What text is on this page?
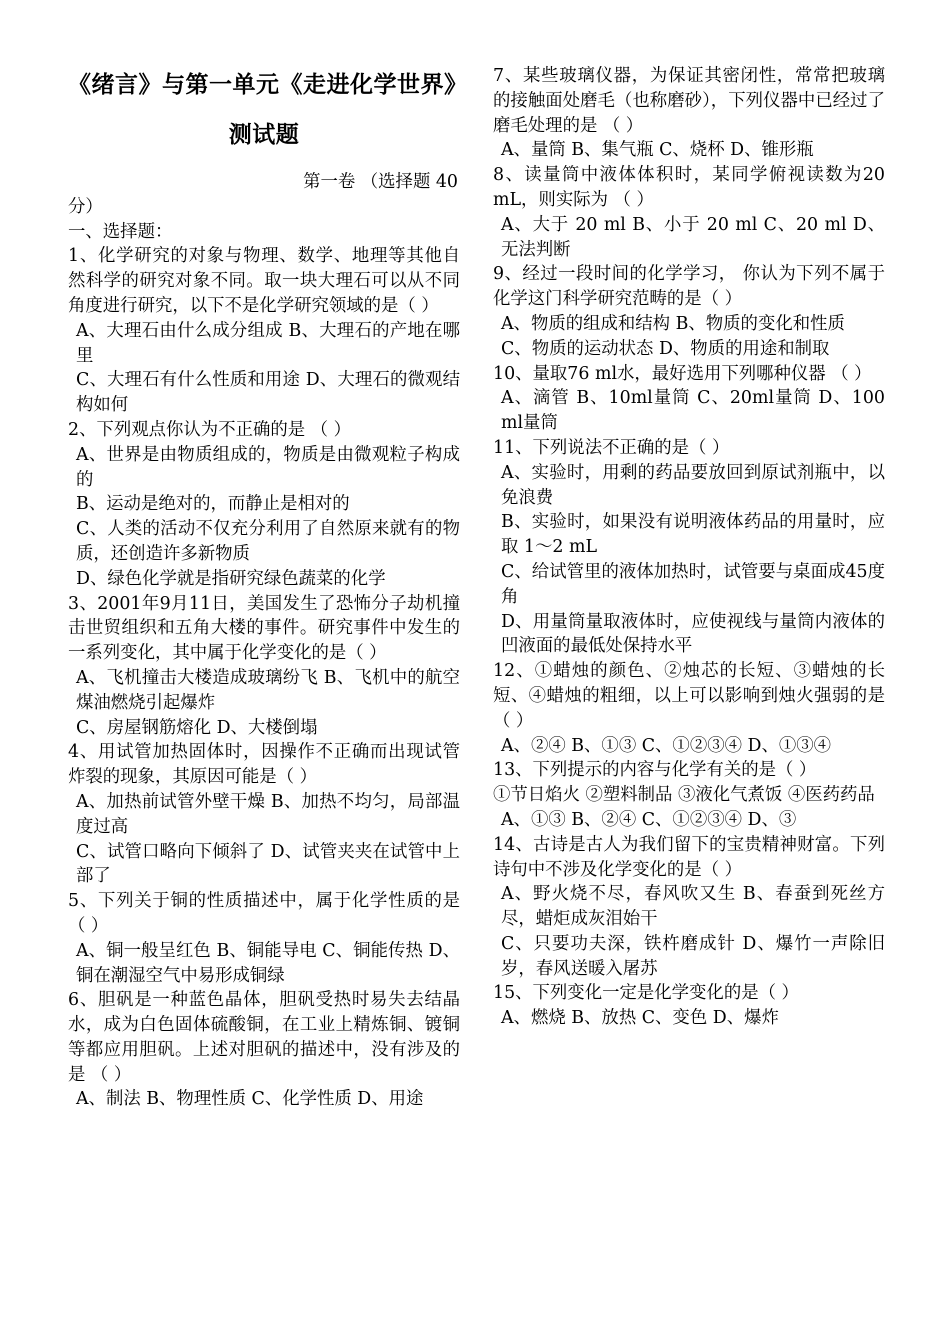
《绪言》与第一单元《走进化学世界》
测试题
第一卷 （选择题 40
分）
一、选择题：
1、化学研究的对象与物理、数学、地理等其他自然科学的研究对象不同。取一块大理石可以从不同角度进行研究，以下不是化学研究领域的是（ ）
A、大理石由什么成分组成 B、大理石的产地在哪里
C、大理石有什么性质和用途 D、大理石的微观结构如何
2、下列观点你认为不正确的是 （ ）
A、世界是由物质组成的，物质是由微观粒子构成的
B、运动是绝对的，而静止是相对的
C、人类的活动不仅充分利用了自然原来就有的物质，还创造许多新物质
D、绿色化学就是指研究绿色蔬菜的化学
3、2001年9月11日，美国发生了恐怖分子劫机撞击世贸组织和五角大楼的事件。研究事件中发生的一系列变化，其中属于化学变化的是（ ）
A、飞机撞击大楼造成玻璃纷飞 B、飞机中的航空煤油燃烧引起爆炸
C、房屋钢筋熔化 D、大楼倒塌
4、用试管加热固体时，因操作不正确而出现试管炸裂的现象，其原因可能是（ ）
A、加热前试管外壁干燥 B、加热不均匀，局部温度过高
C、试管口略向下倾斜了 D、试管夹夹在试管中上部了
5、下列关于铜的性质描述中，属于化学性质的是（ ）
A、铜一般呈红色 B、铜能导电 C、铜能传热 D、铜在潮湿空气中易形成铜绿
6、胆矾是一种蓝色晶体，胆矾受热时易失去结晶水，成为白色固体硫酸铜，在工业上精炼铜、镀铜等都应用胆矾。上述对胆矾的描述中，没有涉及的是 （ ）
A、制法 B、物理性质 C、化学性质 D、用途
7、某些玻璃仪器，为保证其密闭性，常常把玻璃的接触面处磨毛（也称磨砂），下列仪器中已经过了磨毛处理的是 （ ）
A、量筒 B、集气瓶 C、烧杯 D、锥形瓶
8、读量筒中液体体积时，某同学俯视读数为20 mL，则实际为 （ ）
A、大于 20 ml B、小于 20 ml C、20 ml D、无法判断
9、经过一段时间的化学学习， 你认为下列不属于化学这门科学研究范畴的是（ ）
A、物质的组成和结构 B、物质的变化和性质
C、物质的运动状态 D、物质的用途和制取
10、量取76 ml水，最好选用下列哪种仪器 （ ）
A、滴管 B、10ml量筒 C、20ml量筒 D、100 ml量筒
11、下列说法不正确的是（ ）
A、实验时，用剩的药品要放回到原试剂瓶中，以免浪费
B、实验时，如果没有说明液体药品的用量时，应取 1～2 mL
C、给试管里的液体加热时，试管要与桌面成45度角
D、用量筒量取液体时，应使视线与量筒内液体的凹液面的最低处保持水平
12、①蜡烛的颜色、②烛芯的长短、③蜡烛的长短、④蜡烛的粗细，以上可以影响到烛火强弱的是（ ）
A、②④ B、①③ C、①②③④ D、①③④
13、下列提示的内容与化学有关的是（ ）
①节日焰火 ②塑料制品 ③液化气煮饭 ④医药药品
A、①③ B、②④ C、①②③④ D、③
14、古诗是古人为我们留下的宝贵精神财富。下列诗句中不涉及化学变化的是（ ）
A、野火烧不尽，春风吹又生 B、春蚕到死丝方尽，蜡炬成灰泪始干
C、只要功夫深，铁杵磨成针 D、爆竹一声除旧岁，春风送暖入屠苏
15、下列变化一定是化学变化的是（ ）
A、燃烧 B、放热 C、变色 D、爆炸
